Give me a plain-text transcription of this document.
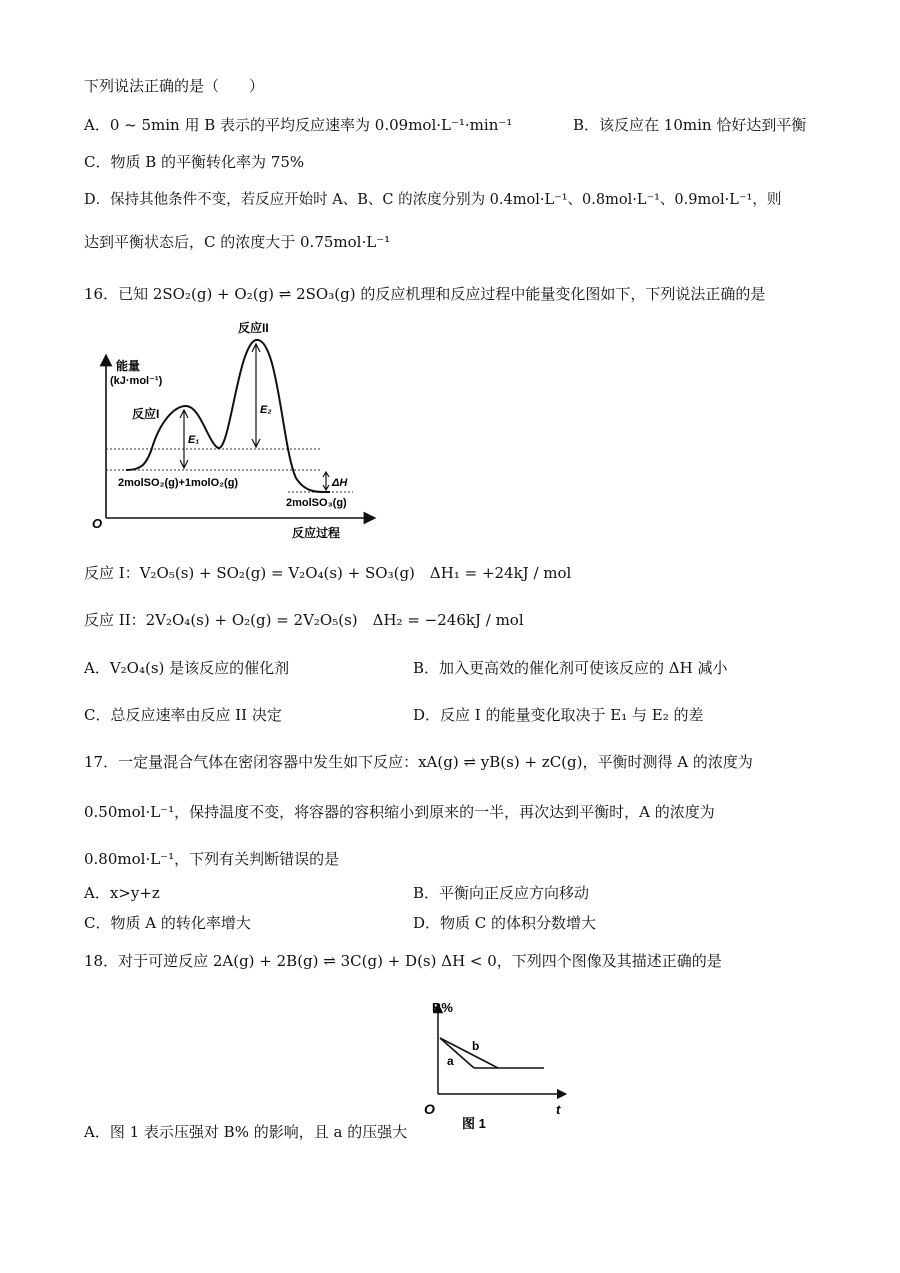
下列说法正确的是（　　）
A．0 ~ 5min 用 B 表示的平均反应速率为 0.09mol·L⁻¹·min⁻¹	B．该反应在 10min 恰好达到平衡
C．物质 B 的平衡转化率为 75%
D．保持其他条件不变，若反应开始时 A、B、C 的浓度分别为 0.4mol·L⁻¹、0.8mol·L⁻¹、0.9mol·L⁻¹，则
达到平衡状态后，C 的浓度大于 0.75mol·L⁻¹
16．已知 2SO₂(g) + O₂(g) ⇌ 2SO₃(g) 的反应机理和反应过程中能量变化图如下，下列说法正确的是
能量
(kJ·mol⁻¹)
O
反应过程
E₁
E₂
ΔH
反应I
反应II
2molSO₂(g)+1molO₂(g)
2molSO₃(g)
反应 I：V₂O₅(s) + SO₂(g) = V₂O₄(s) + SO₃(g)　ΔH₁ = +24kJ / mol
反应 II：2V₂O₄(s) + O₂(g) = 2V₂O₅(s)　ΔH₂ = −246kJ / mol
A．V₂O₄(s) 是该反应的催化剂	B．加入更高效的催化剂可使该反应的 ΔH 减小
C．总反应速率由反应 II 决定	D．反应 I 的能量变化取决于 E₁ 与 E₂ 的差
17．一定量混合气体在密闭容器中发生如下反应：xA(g) ⇌ yB(s) + zC(g)，平衡时测得 A 的浓度为
0.50mol·L⁻¹，保持温度不变，将容器的容积缩小到原来的一半，再次达到平衡时，A 的浓度为
0.80mol·L⁻¹，下列有关判断错误的是
A．x>y+z	B．平衡向正反应方向移动
C．物质 A 的转化率增大	D．物质 C 的体积分数增大
18．对于可逆反应 2A(g) + 2B(g) ⇌ 3C(g) + D(s) ΔH < 0，下列四个图像及其描述正确的是
B%
O	t
a
b
图 1
A．图 1 表示压强对 B% 的影响，且 a 的压强大
